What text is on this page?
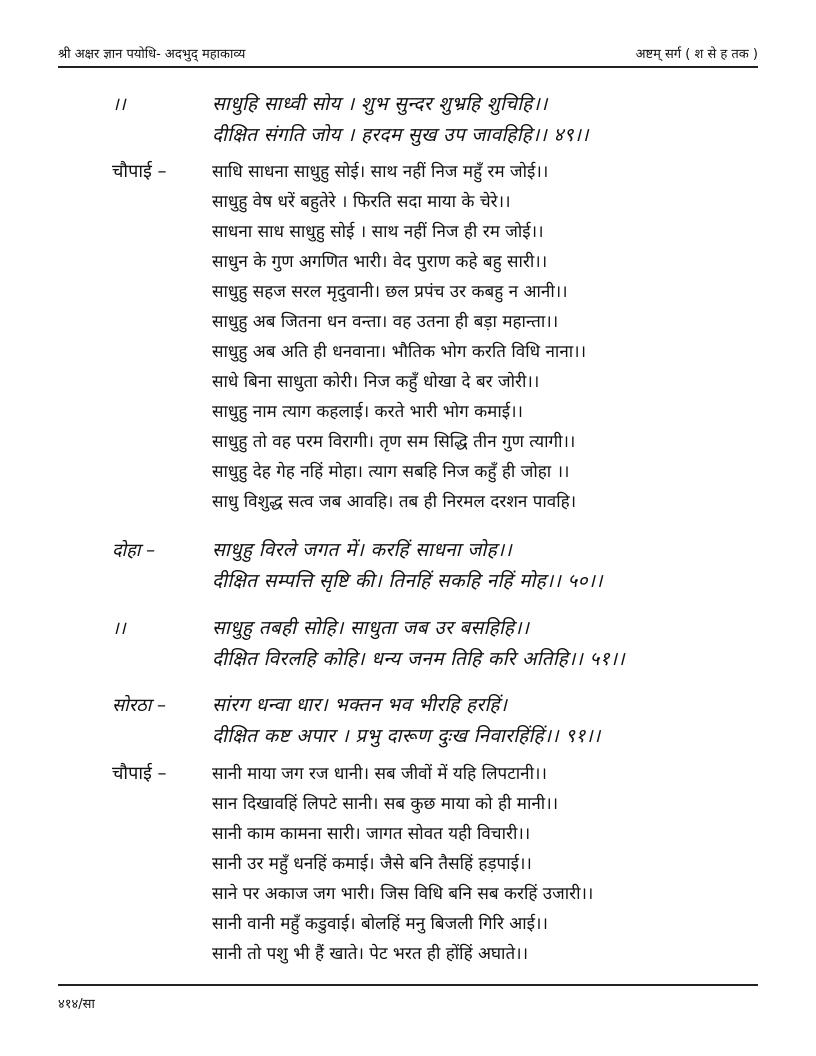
श्री अक्षर ज्ञान पयोधि- अदभुद् महाकाव्य	अष्टम् सर्ग ( श से ह तक )
।।	साधुहि साध्वी सोय । शुभ सुन्दर शुभ्रहि शुचिहि।।
दीक्षित संगति जोय । हरदम सुख उप जावहिहि।। ४९।।
चौपाई –	साधि साधना साधुहु सोई। साथ नहीं निज महुँ रम जोई।।
साधुहु वेष धरें बहुतेरे । फिरति सदा माया के चेरे।।
साधना साध साधुहु सोई । साथ नहीं निज ही रम जोई।।
साधुन के गुण अगणित भारी। वेद पुराण कहे बहु सारी।।
साधुहु सहज सरल मृदुवानी। छल प्रपंच उर कबहु न आनी।।
साधुहु अब जितना धन वन्ता। वह उतना ही बड़ा महान्ता।।
साधुहु अब अति ही धनवाना। भौतिक भोग करति विधि नाना।।
साधे बिना साधुता कोरी। निज कहुँ धोखा दे बर जोरी।।
साधुहु नाम त्याग कहलाई। करते भारी भोग कमाई।।
साधुहु तो वह परम विरागी। तृण सम सिद्धि तीन गुण त्यागी।।
साधुहु देह गेह नहिं मोहा। त्याग सबहि निज कहुँ ही जोहा ।।
साधु विशुद्ध सत्व जब आवहि। तब ही निरमल दरशन पावहि।
दोहा –	साधुहु विरले जगत में। करहिं साधना जोह।।
दीक्षित सम्पत्ति सृष्टि की। तिनहिं सकहि नहिं मोह।। ५०।।
।।	साधुहु तबही सोहि। साधुता जब उर बसहिहि।।
दीक्षित विरलहि कोहि। धन्य जनम तिहि करि अतिहि।। ५१।।
सोरठा – सांरग धन्वा धार। भक्तन भव भीरहि हरहिं।
दीक्षित कष्ट अपार । प्रभु दारूण दुःख निवारहिंहिं।। ९१।।
चौपाई –	सानी माया जग रज धानी। सब जीवों में यहि लिपटानी।।
सान दिखावहिं लिपटे सानी। सब कुछ माया को ही मानी।।
सानी काम कामना सारी। जागत सोवत यही विचारी।।
सानी उर महुँ धनहिं कमाई। जैसे बनि तैसहिं हड़पाई।।
साने पर अकाज जग भारी। जिस विधि बनि सब करहिं उजारी।।
सानी वानी महुँ कडुवाई। बोलहिं मनु बिजली गिरि आई।।
सानी तो पशु भी हैं खाते। पेट भरत ही होंहिं अघाते।।
४१४/सा
